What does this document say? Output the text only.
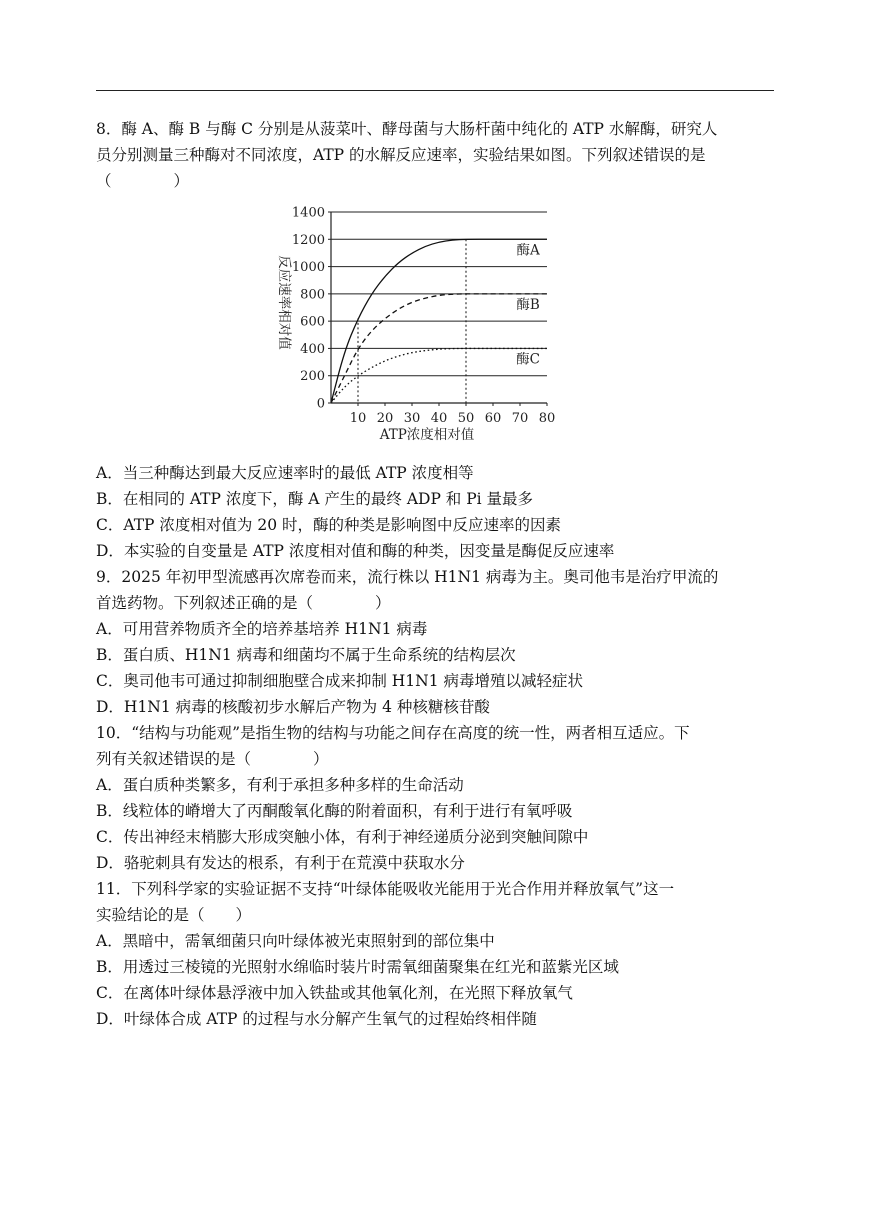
8．酶 A、酶 B 与酶 C 分别是从菠菜叶、酵母菌与大肠杆菌中纯化的 ATP 水解酶，研究人
员分别测量三种酶对不同浓度，ATP 的水解反应速率，实验结果如图。下列叙述错误的是
（　　　　）
0
200
400
600
800
1000
1200
1400
10 20 30 40 50 60 70 80
酶A
酶B
酶C
ATP浓度相对值
反应速率相对值
A．当三种酶达到最大反应速率时的最低 ATP 浓度相等
B．在相同的 ATP 浓度下，酶 A 产生的最终 ADP 和 Pi 量最多
C．ATP 浓度相对值为 20 时，酶的种类是影响图中反应速率的因素
D．本实验的自变量是 ATP 浓度相对值和酶的种类，因变量是酶促反应速率
9．2025 年初甲型流感再次席卷而来，流行株以 H1N1 病毒为主。奥司他韦是治疗甲流的
首选药物。下列叙述正确的是（　　　　）
A．可用营养物质齐全的培养基培养 H1N1 病毒
B．蛋白质、H1N1 病毒和细菌均不属于生命系统的结构层次
C．奥司他韦可通过抑制细胞壁合成来抑制 H1N1 病毒增殖以减轻症状
D．H1N1 病毒的核酸初步水解后产物为 4 种核糖核苷酸
10．“结构与功能观”是指生物的结构与功能之间存在高度的统一性，两者相互适应。下
列有关叙述错误的是（　　　　）
A．蛋白质种类繁多，有利于承担多种多样的生命活动
B．线粒体的嵴增大了丙酮酸氧化酶的附着面积，有利于进行有氧呼吸
C．传出神经末梢膨大形成突触小体，有利于神经递质分泌到突触间隙中
D．骆驼刺具有发达的根系，有利于在荒漠中获取水分
11．下列科学家的实验证据不支持“叶绿体能吸收光能用于光合作用并释放氧气”这一
实验结论的是（　　）
A．黑暗中，需氧细菌只向叶绿体被光束照射到的部位集中
B．用透过三棱镜的光照射水绵临时装片时需氧细菌聚集在红光和蓝紫光区域
C．在离体叶绿体悬浮液中加入铁盐或其他氧化剂，在光照下释放氧气
D．叶绿体合成 ATP 的过程与水分解产生氧气的过程始终相伴随
